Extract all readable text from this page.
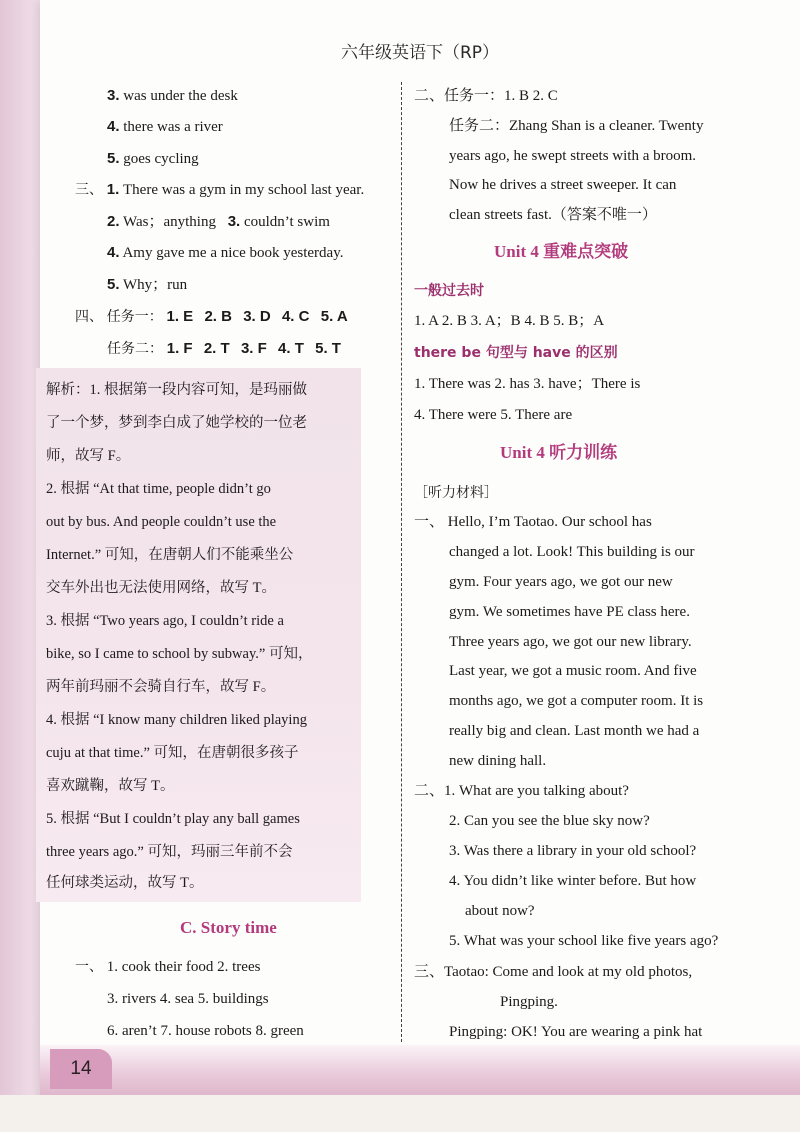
六年级英语下（RP）
3. was under the desk
4. there was a river
5. goes cycling
三、 1. There was a gym in my school last year.
2. Was；anything 3. couldn’t swim
4. Amy gave me a nice book yesterday.
5. Why；run
四、 任务一： 1. E 2. B 3. D 4. C 5. A
任务二： 1. F 2. T 3. F 4. T 5. T
解析：1. 根据第一段内容可知，是玛丽做
了一个梦，梦到李白成了她学校的一位老
师，故写 F。
2. 根据 “At that time, people didn’t go
out by bus. And people couldn’t use the
Internet.” 可知，在唐朝人们不能乘坐公
交车外出也无法使用网络，故写 T。
3. 根据 “Two years ago, I couldn’t ride a
bike, so I came to school by subway.” 可知，
两年前玛丽不会骑自行车，故写 F。
4. 根据 “I know many children liked playing
cuju at that time.” 可知，在唐朝很多孩子
喜欢蹴鞠，故写 T。
5. 根据 “But I couldn’t play any ball games
three years ago.” 可知，玛丽三年前不会
任何球类运动，故写 T。
C. Story time
一、 1. cook their food 2. trees
3. rivers 4. sea 5. buildings
6. aren’t 7. house robots 8. green
二、任务一：1. B 2. C
任务二：Zhang Shan is a cleaner. Twenty
years ago, he swept streets with a broom.
Now he drives a street sweeper. It can
clean streets fast.（答案不唯一）
Unit 4 重难点突破
一般过去时
1. A 2. B 3. A；B 4. B 5. B；A
there be 句型与 have 的区别
1. There was 2. has 3. have；There is
4. There were 5. There are
Unit 4 听力训练
［听力材料］
一、 Hello, I’m Taotao. Our school has
changed a lot. Look! This building is our
gym. Four years ago, we got our new
gym. We sometimes have PE class here.
Three years ago, we got our new library.
Last year, we got a music room. And five
months ago, we got a computer room. It is
really big and clean. Last month we had a
new dining hall.
二、1. What are you talking about?
2. Can you see the blue sky now?
3. Was there a library in your old school?
4. You didn’t like winter before. But how
about now?
5. What was your school like five years ago?
三、Taotao: Come and look at my old photos,
Pingping.
Pingping: OK! You are wearing a pink hat
14
